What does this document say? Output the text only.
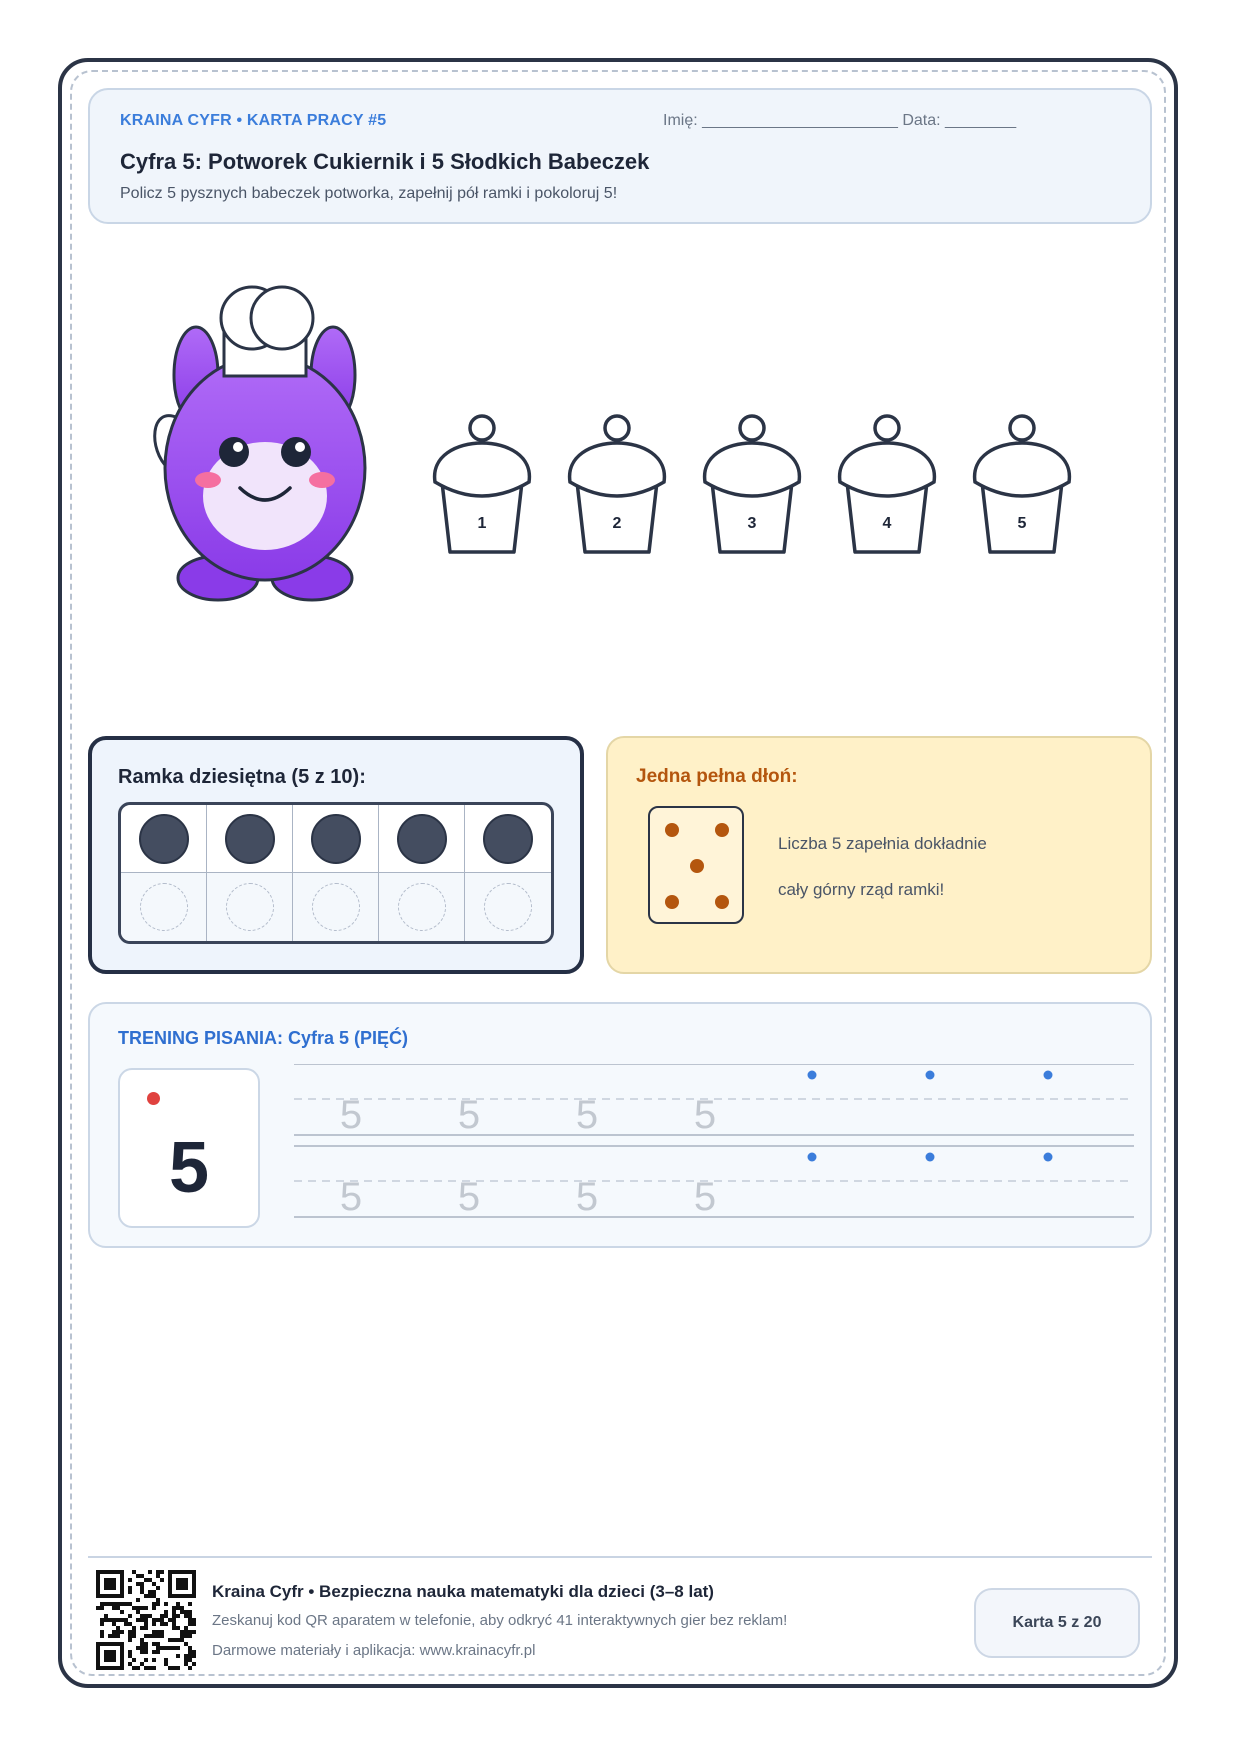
KRAINA CYFR • KARTA PRACY #5	Imię: ______________________ Data: ________
Cyfra 5: Potworek Cukiernik i 5 Słodkich Babeczek
Policz 5 pysznych babeczek potworka, zapełnij pół ramki i pokoloruj 5!
1	2	3	4	5
Ramka dziesiętna (5 z 10):	Jedna pełna dłoń:
Liczba 5 zapełnia dokładnie
cały górny rząd ramki!
TRENING PISANIA: Cyfra 5 (PIĘĆ)
5
5 5 5 5
5 5 5 5
Kraina Cyfr • Bezpieczna nauka matematyki dla dzieci (3–8 lat)
Zeskanuj kod QR aparatem w telefonie, aby odkryć 41 interaktywnych gier bez reklam!
Darmowe materiały i aplikacja: www.krainacyfr.pl
Karta 5 z 20
